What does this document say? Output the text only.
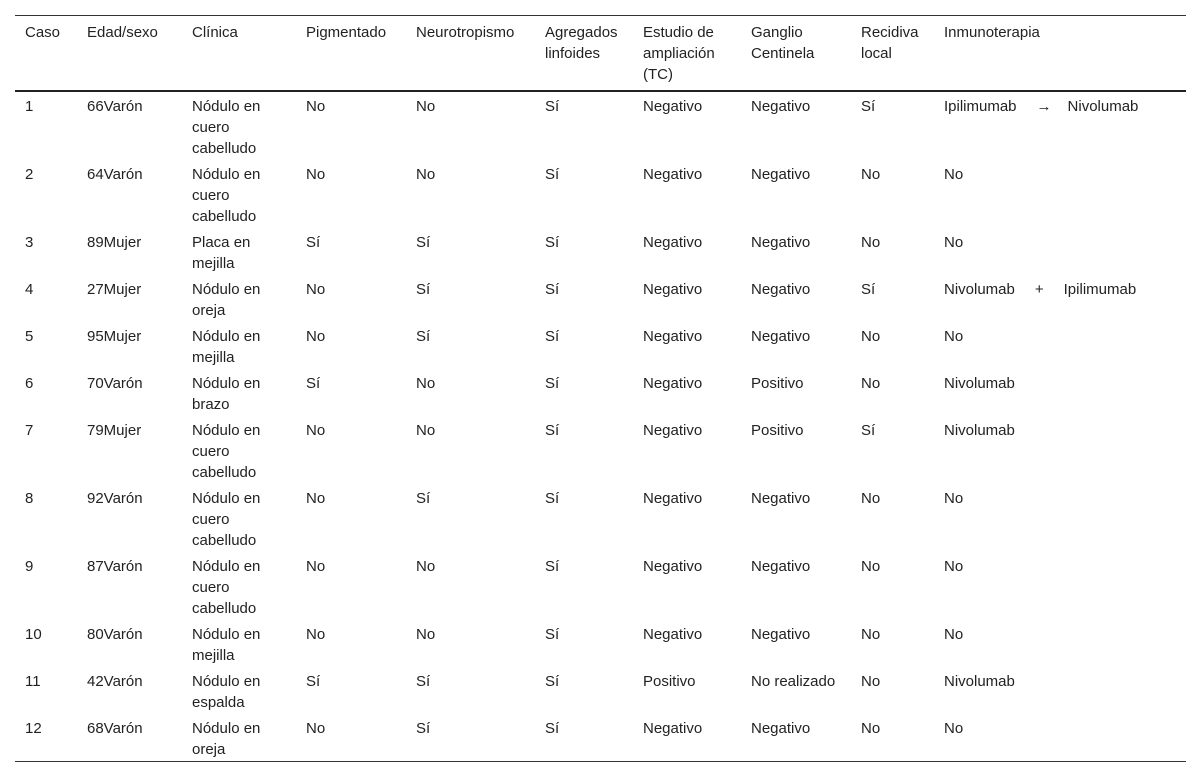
Caso	Edad/sexo	Clínica	Pigmentado	Neurotropismo	Agregados linfoides	Estudio de ampliación (TC)	Ganglio Centinela	Recidiva local	Inmunoterapia
1	66Varón	Nódulo en cuero cabelludo	No	No	Sí	Negativo	Negativo	Sí	Ipilimumab → Nivolumab
2	64Varón	Nódulo en cuero cabelludo	No	No	Sí	Negativo	Negativo	No	No
3	89Mujer	Placa en mejilla	Sí	Sí	Sí	Negativo	Negativo	No	No
4	27Mujer	Nódulo en oreja	No	Sí	Sí	Negativo	Negativo	Sí	Nivolumab + Ipilimumab
5	95Mujer	Nódulo en mejilla	No	Sí	Sí	Negativo	Negativo	No	No
6	70Varón	Nódulo en brazo	Sí	No	Sí	Negativo	Positivo	No	Nivolumab
7	79Mujer	Nódulo en cuero cabelludo	No	No	Sí	Negativo	Positivo	Sí	Nivolumab
8	92Varón	Nódulo en cuero cabelludo	No	Sí	Sí	Negativo	Negativo	No	No
9	87Varón	Nódulo en cuero cabelludo	No	No	Sí	Negativo	Negativo	No	No
10	80Varón	Nódulo en mejilla	No	No	Sí	Negativo	Negativo	No	No
11	42Varón	Nódulo en espalda	Sí	Sí	Sí	Positivo	No realizado	No	Nivolumab
12	68Varón	Nódulo en oreja	No	Sí	Sí	Negativo	Negativo	No	No
